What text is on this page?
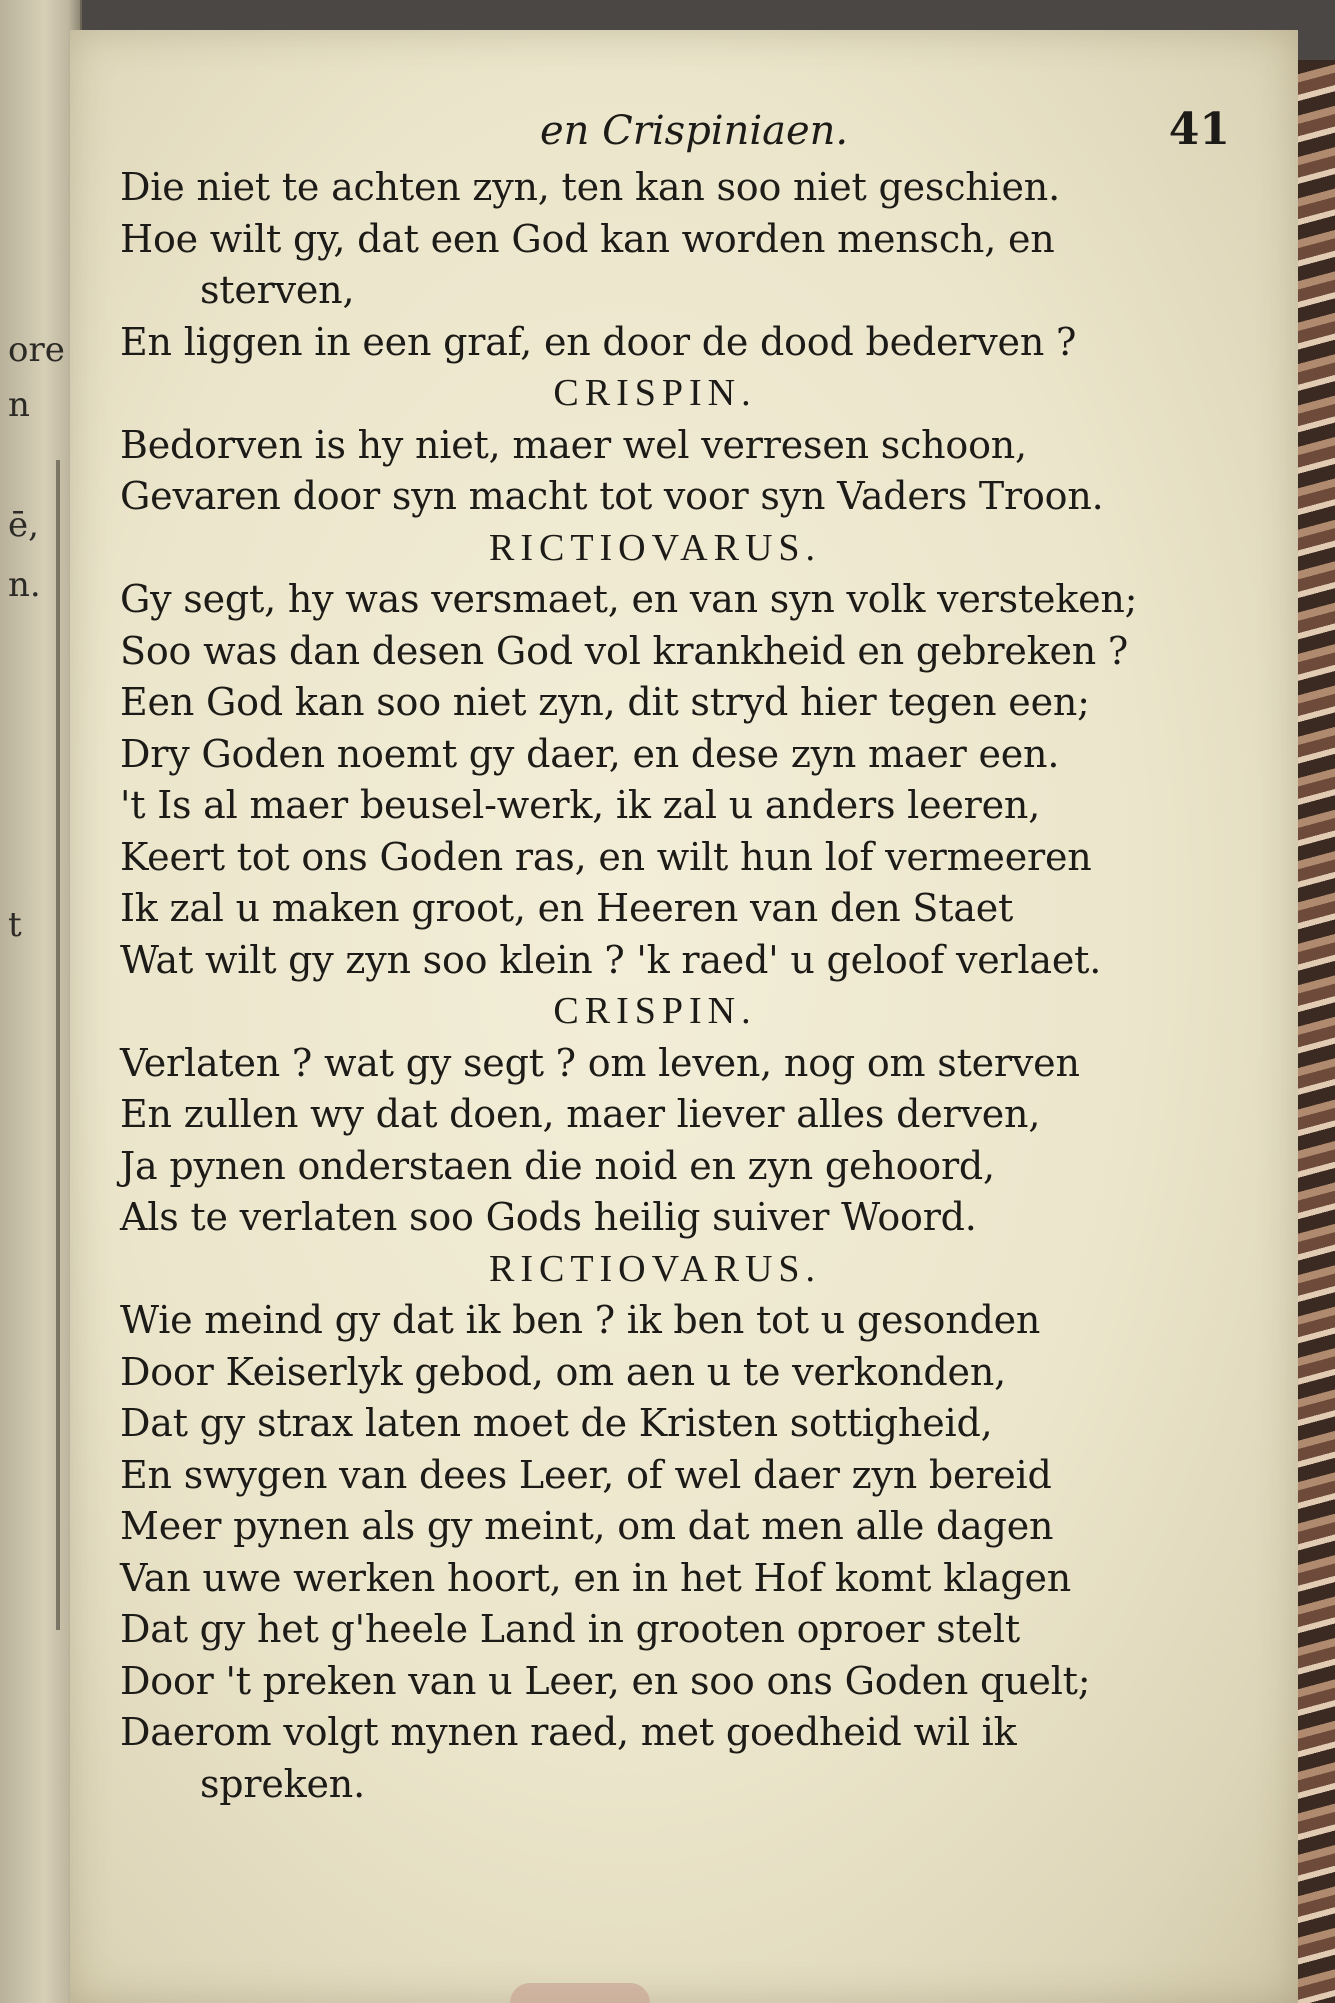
ore
n
ē,
n.
t
en Crispiniaen.	41
Die niet te achten zyn, ten kan soo niet geschien.
Hoe wilt gy, dat een God kan worden mensch, en
sterven,
En liggen in een graf, en door de dood bederven ?
CRISPIN.
Bedorven is hy niet, maer wel verresen schoon,
Gevaren door syn macht tot voor syn Vaders Troon.
RICTIOVARUS.
Gy segt, hy was versmaet, en van syn volk versteken;
Soo was dan desen God vol krankheid en gebreken ?
Een God kan soo niet zyn, dit stryd hier tegen een;
Dry Goden noemt gy daer, en dese zyn maer een.
't Is al maer beusel-werk, ik zal u anders leeren,
Keert tot ons Goden ras, en wilt hun lof vermeeren
Ik zal u maken groot, en Heeren van den Staet
Wat wilt gy zyn soo klein ? 'k raed' u geloof verlaet.
CRISPIN.
Verlaten ? wat gy segt ? om leven, nog om sterven
En zullen wy dat doen, maer liever alles derven,
Ja pynen onderstaen die noid en zyn gehoord,
Als te verlaten soo Gods heilig suiver Woord.
RICTIOVARUS.
Wie meind gy dat ik ben ? ik ben tot u gesonden
Door Keiserlyk gebod, om aen u te verkonden,
Dat gy strax laten moet de Kristen sottigheid,
En swygen van dees Leer, of wel daer zyn bereid
Meer pynen als gy meint, om dat men alle dagen
Van uwe werken hoort, en in het Hof komt klagen
Dat gy het g'heele Land in grooten oproer stelt
Door 't preken van u Leer, en soo ons Goden quelt;
Daerom volgt mynen raed, met goedheid wil ik
spreken.
